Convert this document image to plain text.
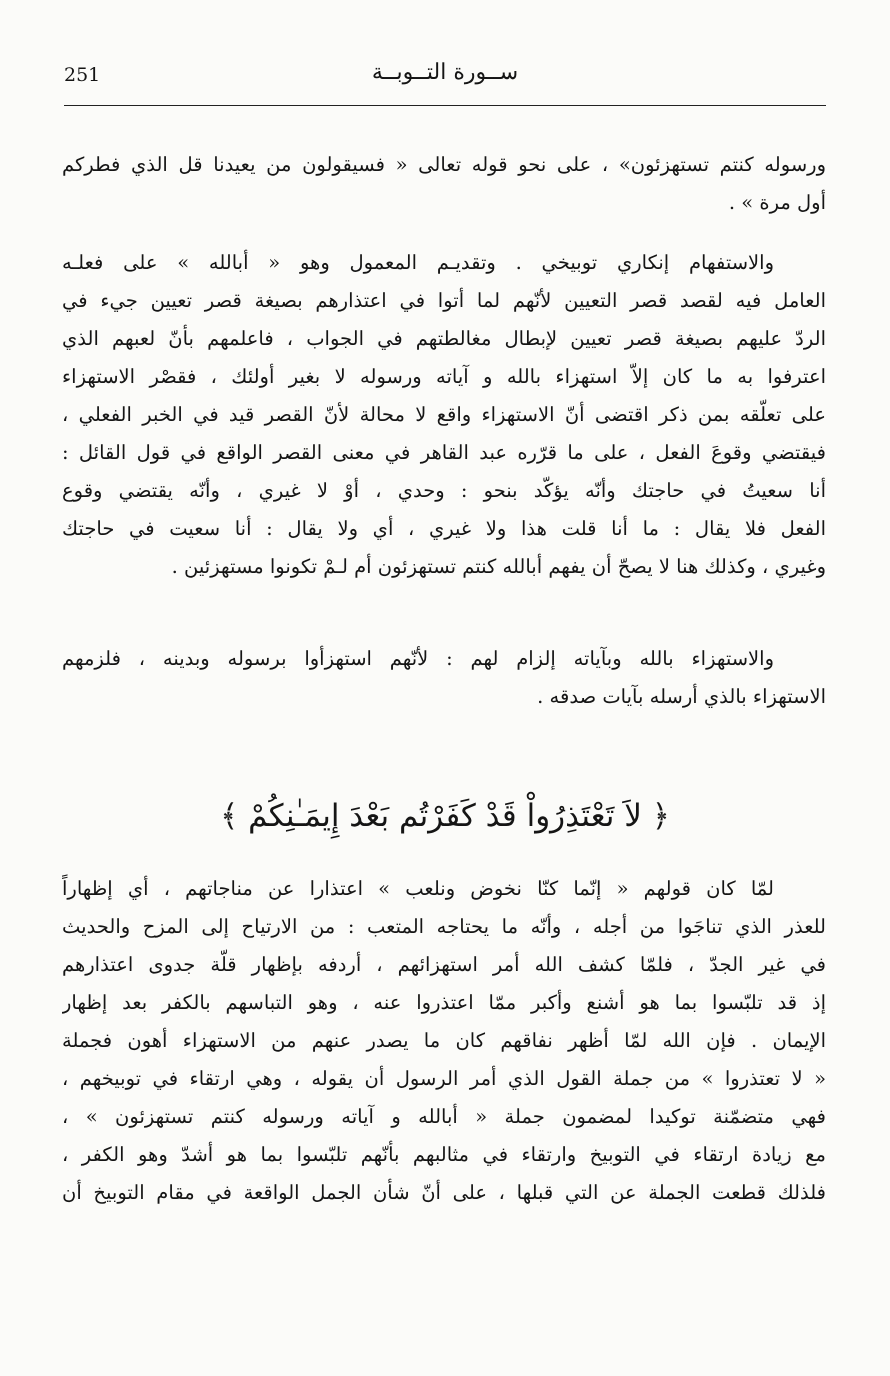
251	ســورة التــوبــة
ورسوله كنتم تستهزئون» ، على نحو قوله تعالى « فسيقولون من يعيدنا قل الذي فطركم
أول مرة » .
والاستفهام إنكاري توبيخي . وتقديـم المعمول وهو « أبالله » على فعلـه
العامل فيه لقصد قصر التعيين لأنّهم لما أتوا في اعتذارهم بصيغة قصر تعيين جيء في
الردّ عليهم بصيغة قصر تعيين لإبطال مغالطتهم في الجواب ، فاعلمهم بأنّ لعبهم الذي
اعترفوا به ما كان إلاّ استهزاء بالله و آياته ورسوله لا بغير أولئك ، فقصْر الاستهزاء
على تعلّقه بمن ذكر اقتضى أنّ الاستهزاء واقع لا محالة لأنّ القصر قيد في الخبر الفعلي ،
فيقتضي وقوعَ الفعل ، على ما قرّره عبد القاهر في معنى القصر الواقع في قول القائل :
أنا سعيتُ في حاجتك وأنّه يؤكّد بنحو : وحدي ، أوْ لا غيري ، وأنّه يقتضي وقوع
الفعل فلا يقال : ما أنا قلت هذا ولا غيري ، أي ولا يقال : أنا سعيت في حاجتك
وغيري ، وكذلك هنا لا يصحّ أن يفهم أبالله كنتم تستهزئون أم لـمْ تكونوا مستهزئين .
والاستهزاء بالله وبآياته إلزام لهم : لأنّهم استهزأوا برسوله وبدينه ، فلزمهم
الاستهزاء بالذي أرسله بآيات صدقه .
﴿ لاَ تَعْتَذِرُواْ قَدْ كَفَرْتُم بَعْدَ إِيمَـٰنِكُمْ ﴾
لمّا كان قولهم « إنّما كنّا نخوض ونلعب » اعتذارا عن مناجاتهم ، أي إظهاراً
للعذر الذي تناجَوا من أجله ، وأنّه ما يحتاجه المتعب : من الارتياح إلى المزح والحديث
في غير الجدّ ، فلمّا كشف الله أمر استهزائهم ، أردفه بإظهار قلّة جدوى اعتذارهم
إذ قد تلبّسوا بما هو أشنع وأكبر ممّا اعتذروا عنه ، وهو التباسهم بالكفر بعد إظهار
الإيمان . فإن الله لمّا أظهر نفاقهم كان ما يصدر عنهم من الاستهزاء أهون فجملة
« لا تعتذروا » من جملة القول الذي أمر الرسول أن يقوله ، وهي ارتقاء في توبيخهم ،
فهي متضمّنة توكيدا لمضمون جملة « أبالله و آياته ورسوله كنتم تستهزئون » ،
مع زيادة ارتقاء في التوبيخ وارتقاء في مثالبهم بأنّهم تلبّسوا بما هو أشدّ وهو الكفر ،
فلذلك قطعت الجملة عن التي قبلها ، على أنّ شأن الجمل الواقعة في مقام التوبيخ أن
